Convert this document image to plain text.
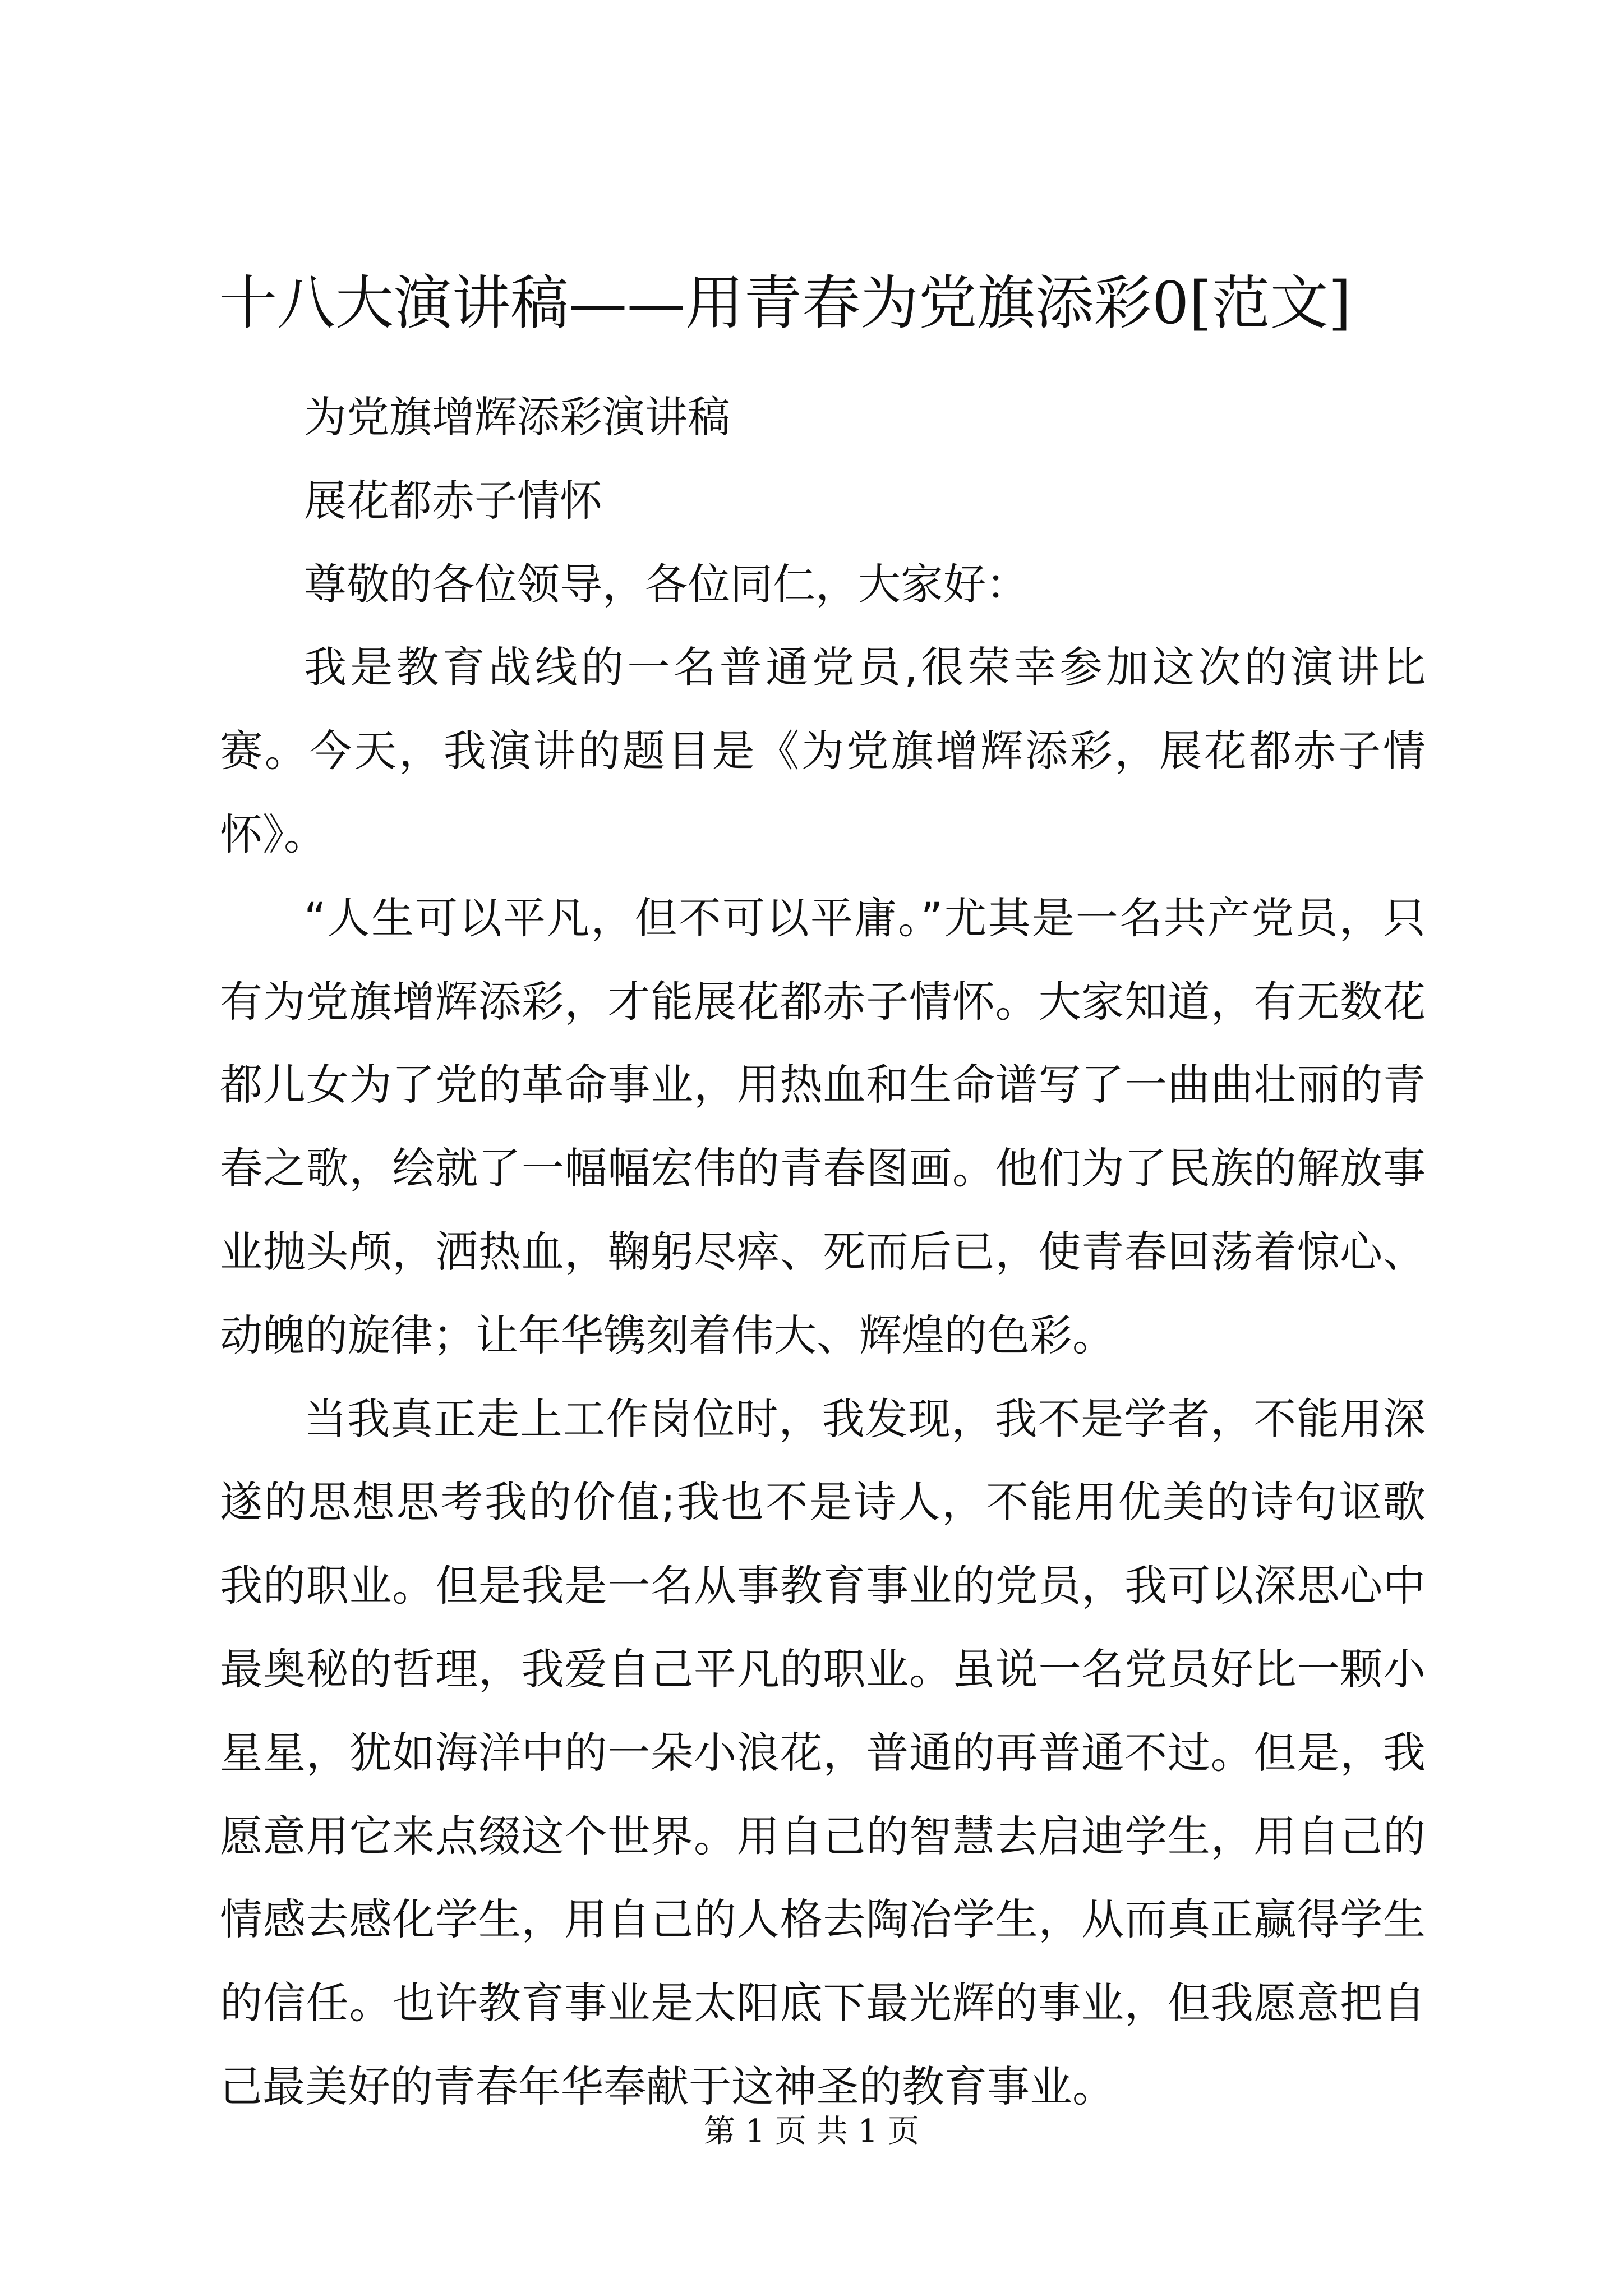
十八大演讲稿——用青春为党旗添彩0[范文]

为党旗增辉添彩演讲稿

展花都赤子情怀

尊敬的各位领导，各位同仁，大家好：

我是教育战线的一名普通党员,很荣幸参加这次的演讲比赛。今天，我演讲的题目是《为党旗增辉添彩，展花都赤子情怀》。

“人生可以平凡，但不可以平庸。”尤其是一名共产党员，只有为党旗增辉添彩，才能展花都赤子情怀。大家知道，有无数花都儿女为了党的革命事业，用热血和生命谱写了一曲曲壮丽的青春之歌，绘就了一幅幅宏伟的青春图画。他们为了民族的解放事业抛头颅，洒热血，鞠躬尽瘁、死而后已，使青春回荡着惊心、动魄的旋律；让年华镌刻着伟大、辉煌的色彩。

当我真正走上工作岗位时，我发现，我不是学者，不能用深遂的思想思考我的价值;我也不是诗人，不能用优美的诗句讴歌我的职业。但是我是一名从事教育事业的党员，我可以深思心中最奥秘的哲理，我爱自己平凡的职业。虽说一名党员好比一颗小星星，犹如海洋中的一朵小浪花，普通的再普通不过。但是，我愿意用它来点缀这个世界。用自己的智慧去启迪学生，用自己的情感去感化学生，用自己的人格去陶冶学生，从而真正赢得学生的信任。也许教育事业是太阳底下最光辉的事业，但我愿意把自己最美好的青春年华奉献于这神圣的教育事业。

第 1 页 共 1 页
